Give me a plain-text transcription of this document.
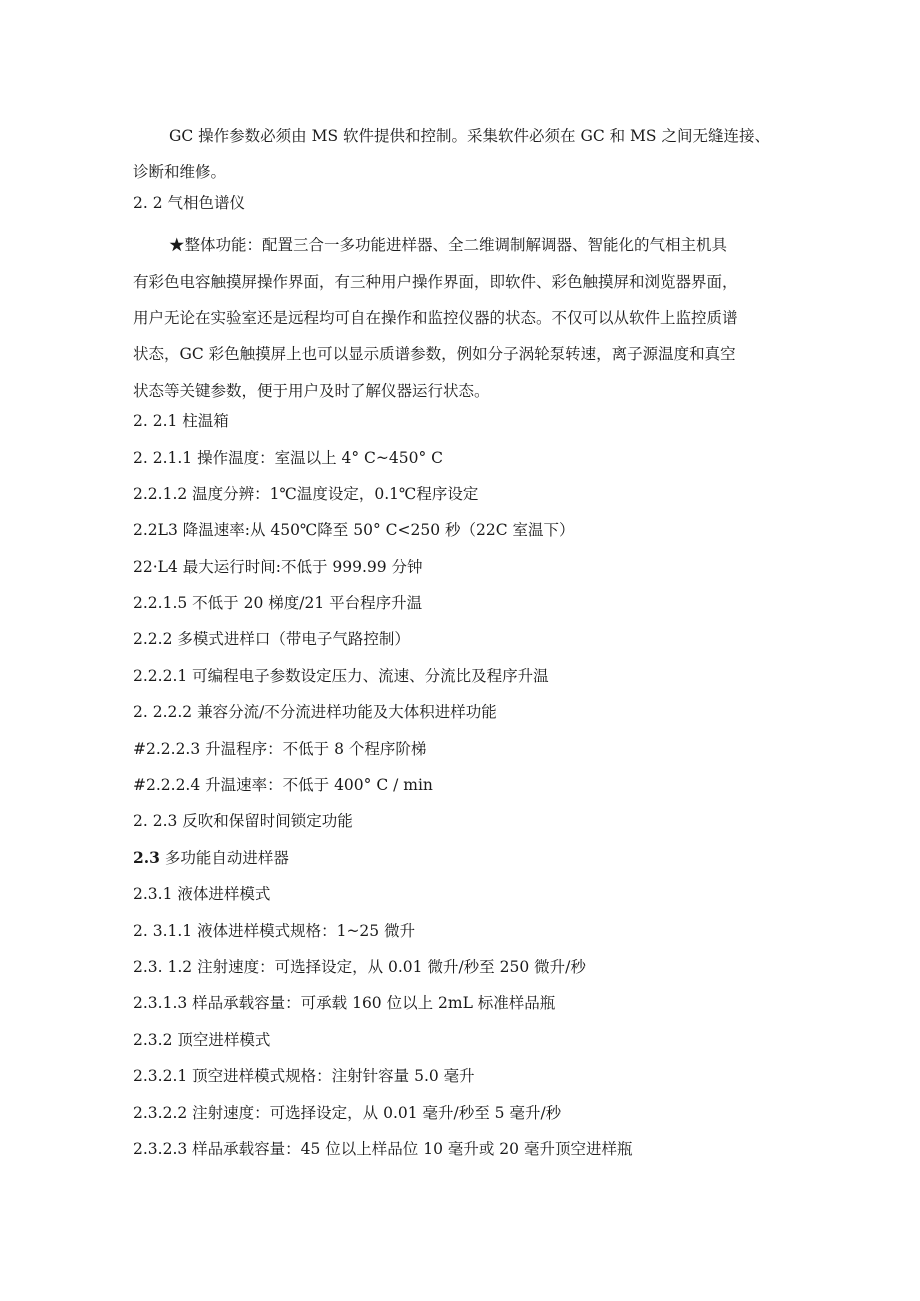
GC 操作参数必须由 MS 软件提供和控制。采集软件必须在 GC 和 MS 之间无缝连接、
诊断和维修。
2. 2 气相色谱仪
★整体功能：配置三合一多功能进样器、全二维调制解调器、智能化的气相主机具
有彩色电容触摸屏操作界面，有三种用户操作界面，即软件、彩色触摸屏和浏览器界面，
用户无论在实验室还是远程均可自在操作和监控仪器的状态。不仅可以从软件上监控质谱
状态，GC 彩色触摸屏上也可以显示质谱参数，例如分子涡轮泵转速，离子源温度和真空
状态等关键参数，便于用户及时了解仪器运行状态。
2. 2.1 柱温箱
2. 2.1.1 操作温度：室温以上 4° C~450° C
2.2.1.2 温度分辨：1℃温度设定，0.1℃程序设定
2.2L3 降温速率:从 450℃降至 50° C<250 秒（22C 室温下）
22·L4 最大运行时间:不低于 999.99 分钟
2.2.1.5 不低于 20 梯度/21 平台程序升温
2.2.2 多模式进样口（带电子气路控制）
2.2.2.1 可编程电子参数设定压力、流速、分流比及程序升温
2. 2.2.2 兼容分流/不分流进样功能及大体积进样功能
#2.2.2.3 升温程序：不低于 8 个程序阶梯
#2.2.2.4 升温速率：不低于 400° C / min
2. 2.3 反吹和保留时间锁定功能
2.3 多功能自动进样器
2.3.1 液体进样模式
2. 3.1.1 液体进样模式规格：1~25 微升
2.3. 1.2 注射速度：可选择设定，从 0.01 微升/秒至 250 微升/秒
2.3.1.3 样品承载容量：可承载 160 位以上 2mL 标准样品瓶
2.3.2 顶空进样模式
2.3.2.1 顶空进样模式规格：注射针容量 5.0 毫升
2.3.2.2 注射速度：可选择设定，从 0.01 毫升/秒至 5 毫升/秒
2.3.2.3 样品承载容量：45 位以上样品位 10 毫升或 20 毫升顶空进样瓶
